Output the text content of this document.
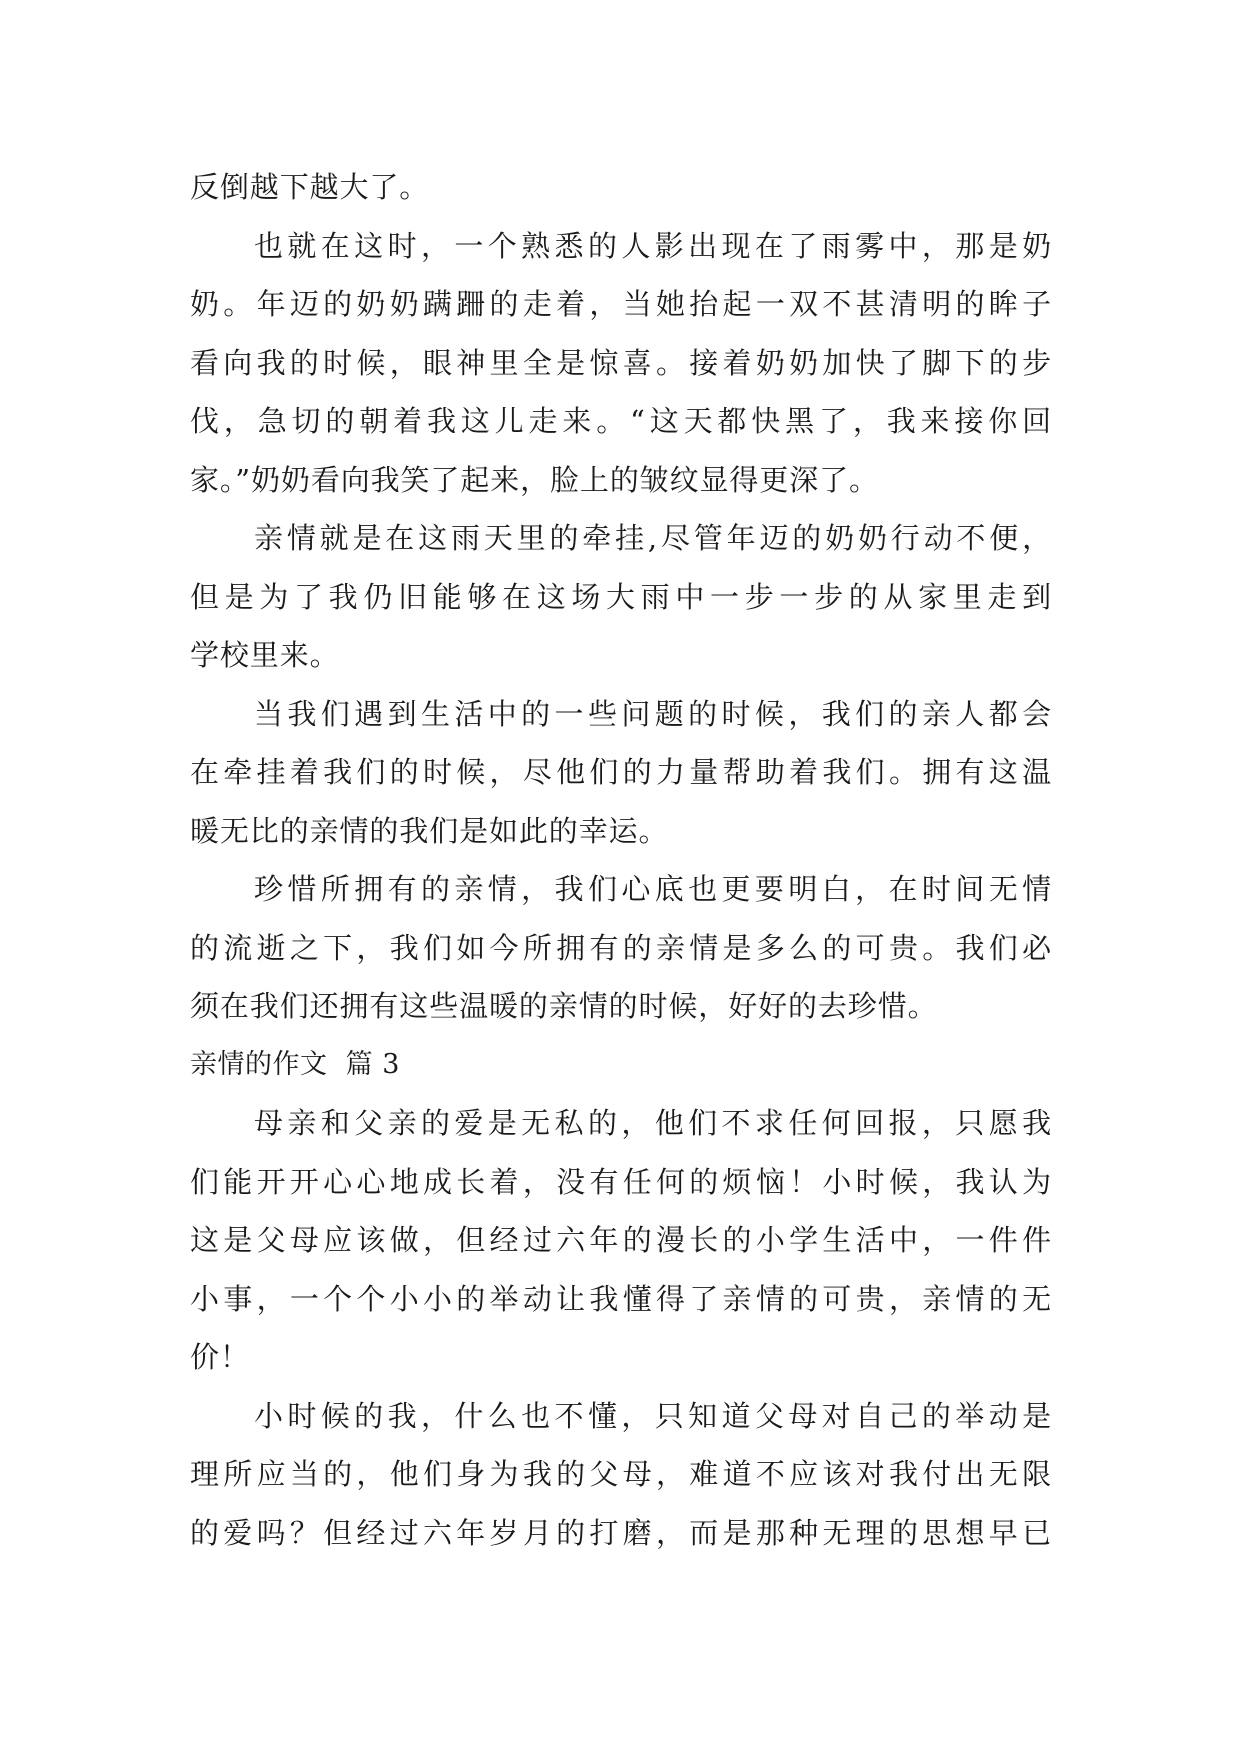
反倒越下越大了。
也就在这时，一个熟悉的人影出现在了雨雾中，那是奶
奶。年迈的奶奶蹒跚的走着，当她抬起一双不甚清明的眸子
看向我的时候，眼神里全是惊喜。接着奶奶加快了脚下的步
伐，急切的朝着我这儿走来。“这天都快黑了，我来接你回
家。”奶奶看向我笑了起来，脸上的皱纹显得更深了。
亲情就是在这雨天里的牵挂,尽管年迈的奶奶行动不便，
但是为了我仍旧能够在这场大雨中一步一步的从家里走到
学校里来。
当我们遇到生活中的一些问题的时候，我们的亲人都会
在牵挂着我们的时候，尽他们的力量帮助着我们。拥有这温
暖无比的亲情的我们是如此的幸运。
珍惜所拥有的亲情，我们心底也更要明白，在时间无情
的流逝之下，我们如今所拥有的亲情是多么的可贵。我们必
须在我们还拥有这些温暖的亲情的时候，好好的去珍惜。
亲情的作文  篇 3
母亲和父亲的爱是无私的，他们不求任何回报，只愿我
们能开开心心地成长着，没有任何的烦恼！小时候，我认为
这是父母应该做，但经过六年的漫长的小学生活中，一件件
小事，一个个小小的举动让我懂得了亲情的可贵，亲情的无
价！
小时候的我，什么也不懂，只知道父母对自己的举动是
理所应当的，他们身为我的父母，难道不应该对我付出无限
的爱吗？但经过六年岁月的打磨，而是那种无理的思想早已
